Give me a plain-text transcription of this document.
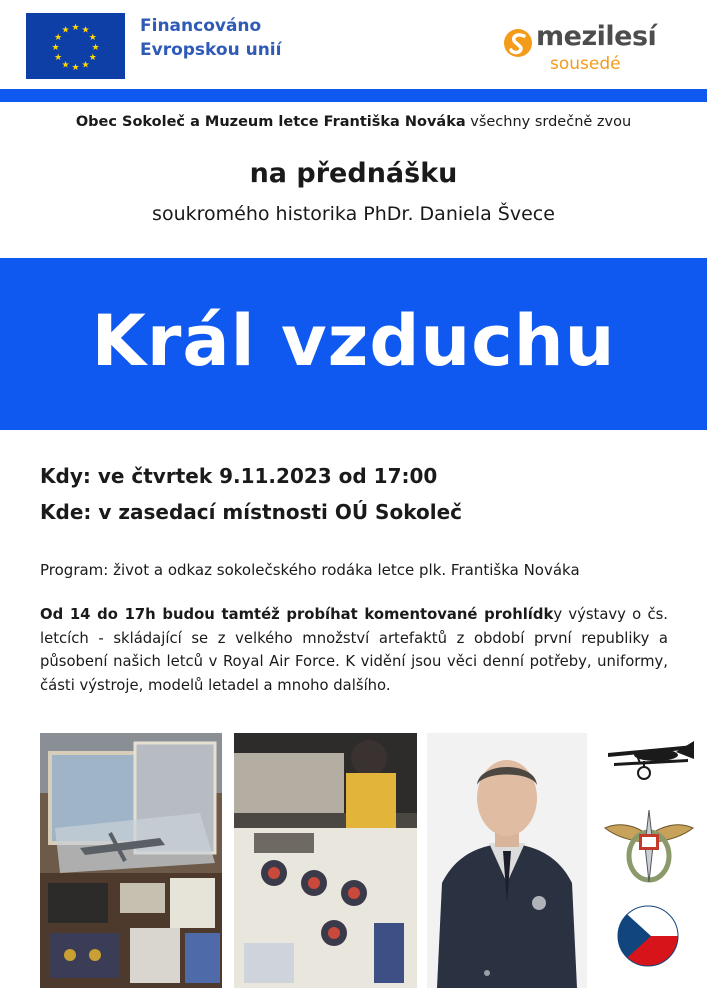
★ ★
★
★
★
★
★
★
★
★
★
★	Financováno
Evropskou unií	mezilesí
sousedé
Obec Sokoleč a Muzeum letce Františka Nováka všechny srdečně zvou
na přednášku
soukromého historika PhDr. Daniela Švece
Král vzduchu
Kdy: ve čtvrtek 9.11.2023 od 17:00
Kde: v zasedací místnosti OÚ Sokoleč
Program: život a odkaz sokolečského rodáka letce plk. Františka Nováka
Od 14 do 17h budou tamtéž probíhat komentované prohlídky výstavy o čs. letcích - skládající se z velkého množství artefaktů z období první republiky a působení našich letců v Royal Air Force. K vidění jsou věci denní potřeby, uniformy, části výstroje, modelů letadel a mnoho dalšího.
